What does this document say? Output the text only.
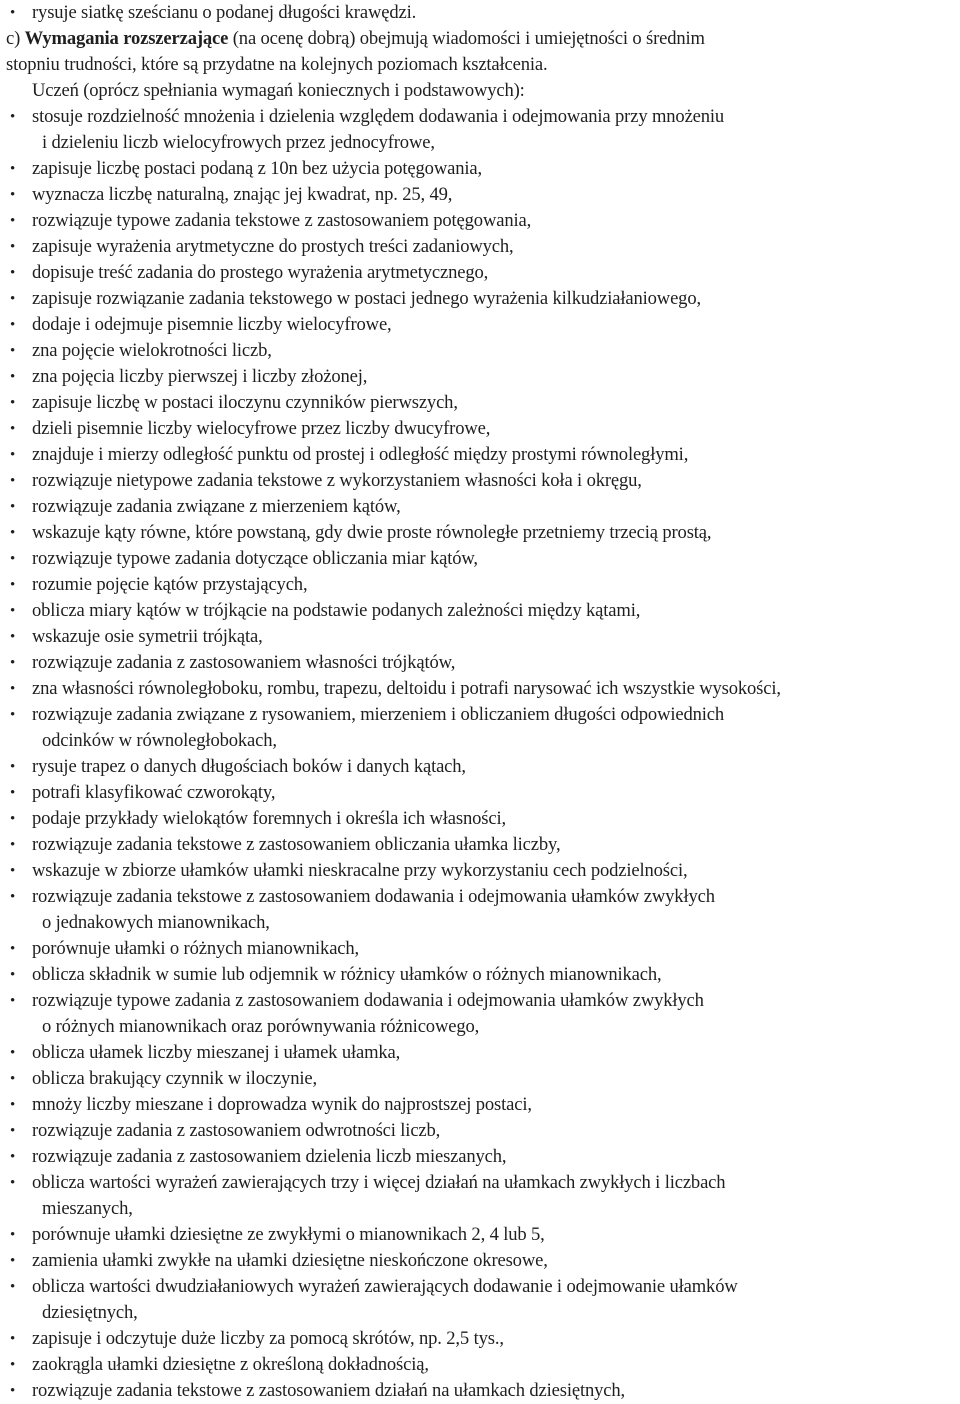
• rysuje siatkę sześcianu o podanej długości krawędzi.
c) Wymagania rozszerzające (na ocenę dobrą) obejmują wiadomości i umiejętności o średnim
stopniu trudności, które są przydatne na kolejnych poziomach kształcenia.
Uczeń (oprócz spełniania wymagań koniecznych i podstawowych):
• stosuje rozdzielność mnożenia i dzielenia względem dodawania i odejmowania przy mnożeniu
i dzieleniu liczb wielocyfrowych przez jednocyfrowe,
• zapisuje liczbę postaci podaną z 10n bez użycia potęgowania,
• wyznacza liczbę naturalną, znając jej kwadrat, np. 25, 49,
• rozwiązuje typowe zadania tekstowe z zastosowaniem potęgowania,
• zapisuje wyrażenia arytmetyczne do prostych treści zadaniowych,
• dopisuje treść zadania do prostego wyrażenia arytmetycznego,
• zapisuje rozwiązanie zadania tekstowego w postaci jednego wyrażenia kilkudziałaniowego,
• dodaje i odejmuje pisemnie liczby wielocyfrowe,
• zna pojęcie wielokrotności liczb,
• zna pojęcia liczby pierwszej i liczby złożonej,
• zapisuje liczbę w postaci iloczynu czynników pierwszych,
• dzieli pisemnie liczby wielocyfrowe przez liczby dwucyfrowe,
• znajduje i mierzy odległość punktu od prostej i odległość między prostymi równoległymi,
• rozwiązuje nietypowe zadania tekstowe z wykorzystaniem własności koła i okręgu,
• rozwiązuje zadania związane z mierzeniem kątów,
• wskazuje kąty równe, które powstaną, gdy dwie proste równoległe przetniemy trzecią prostą,
• rozwiązuje typowe zadania dotyczące obliczania miar kątów,
• rozumie pojęcie kątów przystających,
• oblicza miary kątów w trójkącie na podstawie podanych zależności między kątami,
• wskazuje osie symetrii trójkąta,
• rozwiązuje zadania z zastosowaniem własności trójkątów,
• zna własności równoległoboku, rombu, trapezu, deltoidu i potrafi narysować ich wszystkie wysokości,
• rozwiązuje zadania związane z rysowaniem, mierzeniem i obliczaniem długości odpowiednich
odcinków w równoległobokach,
• rysuje trapez o danych długościach boków i danych kątach,
• potrafi klasyfikować czworokąty,
• podaje przykłady wielokątów foremnych i określa ich własności,
• rozwiązuje zadania tekstowe z zastosowaniem obliczania ułamka liczby,
• wskazuje w zbiorze ułamków ułamki nieskracalne przy wykorzystaniu cech podzielności,
• rozwiązuje zadania tekstowe z zastosowaniem dodawania i odejmowania ułamków zwykłych
o jednakowych mianownikach,
• porównuje ułamki o różnych mianownikach,
• oblicza składnik w sumie lub odjemnik w różnicy ułamków o różnych mianownikach,
• rozwiązuje typowe zadania z zastosowaniem dodawania i odejmowania ułamków zwykłych
o różnych mianownikach oraz porównywania różnicowego,
• oblicza ułamek liczby mieszanej i ułamek ułamka,
• oblicza brakujący czynnik w iloczynie,
• mnoży liczby mieszane i doprowadza wynik do najprostszej postaci,
• rozwiązuje zadania z zastosowaniem odwrotności liczb,
• rozwiązuje zadania z zastosowaniem dzielenia liczb mieszanych,
• oblicza wartości wyrażeń zawierających trzy i więcej działań na ułamkach zwykłych i liczbach
mieszanych,
• porównuje ułamki dziesiętne ze zwykłymi o mianownikach 2, 4 lub 5,
• zamienia ułamki zwykłe na ułamki dziesiętne nieskończone okresowe,
• oblicza wartości dwudziałaniowych wyrażeń zawierających dodawanie i odejmowanie ułamków
dziesiętnych,
• zapisuje i odczytuje duże liczby za pomocą skrótów, np. 2,5 tys.,
• zaokrągla ułamki dziesiętne z określoną dokładnością,
• rozwiązuje zadania tekstowe z zastosowaniem działań na ułamkach dziesiętnych,
